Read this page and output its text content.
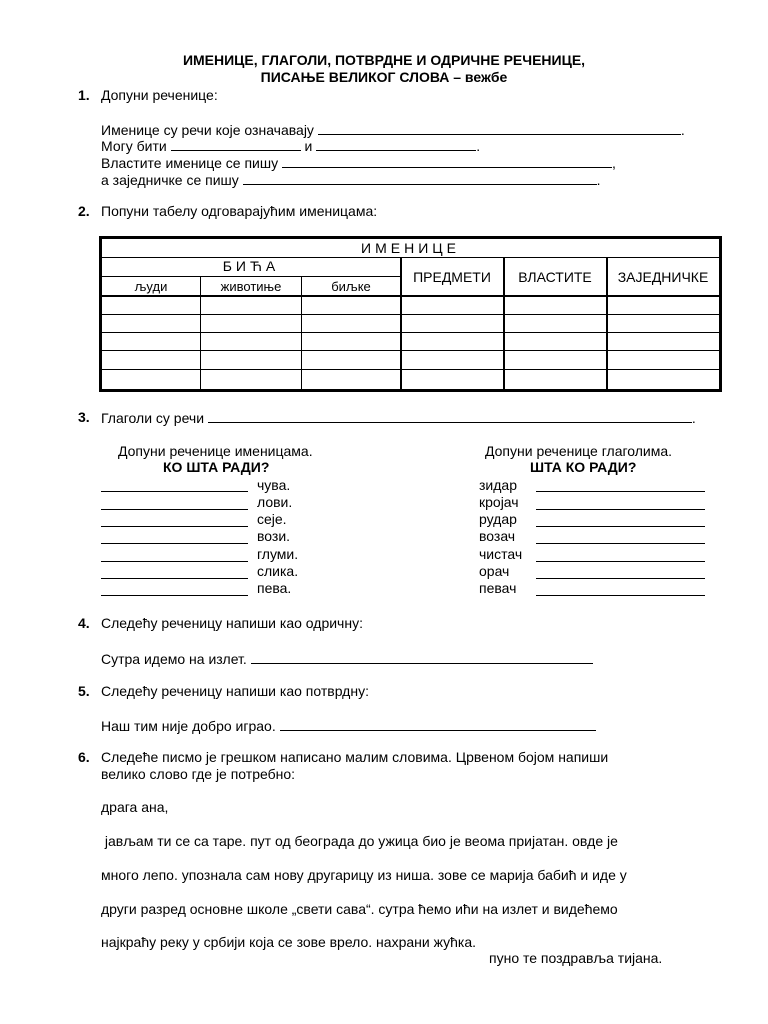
ИМЕНИЦЕ, ГЛАГОЛИ, ПОТВРДНЕ И ОДРИЧНЕ РЕЧЕНИЦЕ,
ПИСАЊЕ ВЕЛИКОГ СЛОВА – вежбе
1. Допуни реченице:
Именице су речи које означавају	.
Могу бити	и	.
Властите именице се пишу	,
а заједничке се пишу	.
2. Попуни табелу одговарајућим именицама:
ИМЕНИЦЕ
БИЋА
људи	животиње	биљке
ПРЕДМЕТИ	ВЛАСТИТЕ	ЗАЈЕДНИЧКЕ
3. Глаголи су речи	.
Допуни реченице именицама.
КО ШТА РАДИ?
Допуни реченице глаголима.
ШТА КО РАДИ?
чува.
лови.
сеје.
вози.
глуми.
слика.
пева.
зидар
кројач
рудар
возач
чистач
орач
певач
4. Следећу реченицу напиши као одричну:
Сутра идемо на излет.
5. Следећу реченицу напиши као потврдну:
Наш тим није добро играо.
6. Следеће писмо је грешком написано малим словима. Црвеном бојом напиши
велико слово где је потребно:
драга ана,
јављам ти се са таре. пут од београда до ужица био је веома пријатан. овде је
много лепо. упознала сам нову другарицу из ниша. зове се марија бабић и иде у
други разред основне школе „свети сава“. сутра ћемо ићи на излет и видећемо
најкраћу реку у србији која се зове врело. нахрани жућка.
пуно те поздравља тијана.
